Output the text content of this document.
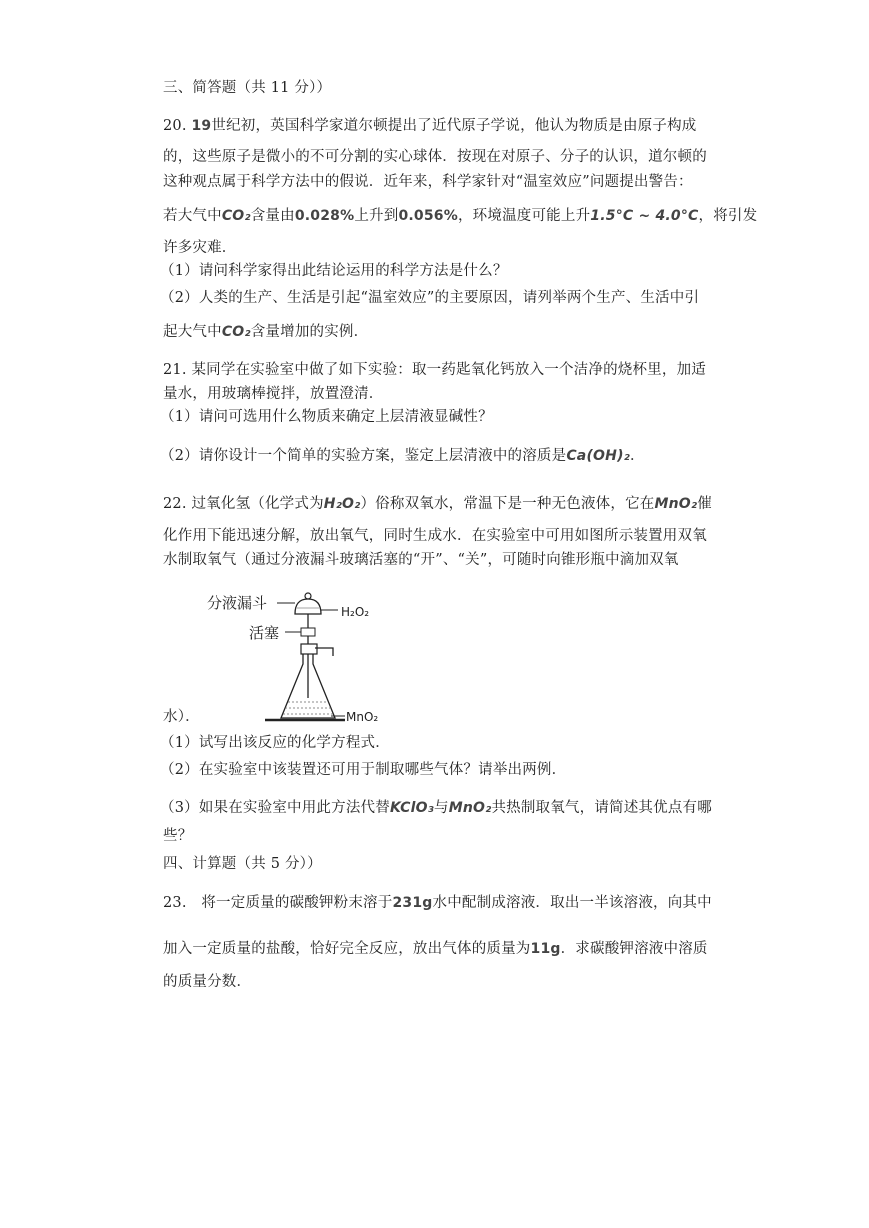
三、简答题（共 11 分））
20. 19世纪初，英国科学家道尔顿提出了近代原子学说，他认为物质是由原子构成
的，这些原子是微小的不可分割的实心球体．按现在对原子、分子的认识，道尔顿的
这种观点属于科学方法中的假说．近年来，科学家针对“温室效应”问题提出警告：
若大气中CO₂含量由0.028%上升到0.056%，环境温度可能上升1.5°C ~ 4.0°C，将引发
许多灾难．
（1）请问科学家得出此结论运用的科学方法是什么？
（2）人类的生产、生活是引起“温室效应”的主要原因，请列举两个生产、生活中引
起大气中CO₂含量增加的实例．
21. 某同学在实验室中做了如下实验：取一药匙氧化钙放入一个洁净的烧杯里，加适
量水，用玻璃棒搅拌，放置澄清．
（1）请问可选用什么物质来确定上层清液显碱性？
（2）请你设计一个简单的实验方案，鉴定上层清液中的溶质是Ca(OH)₂．
22. 过氧化氢（化学式为H₂O₂）俗称双氧水，常温下是一种无色液体，它在MnO₂催
化作用下能迅速分解，放出氧气，同时生成水．在实验室中可用如图所示装置用双氧
水制取氧气（通过分液漏斗玻璃活塞的“开”、“关”，可随时向锥形瓶中滴加双氧
分液漏斗
活塞
H₂O₂
MnO₂
水）．
（1）试写出该反应的化学方程式．
（2）在实验室中该装置还可用于制取哪些气体？请举出两例．
（3）如果在实验室中用此方法代替KClO₃与MnO₂共热制取氧气，请简述其优点有哪
些？
四、计算题（共 5 分））
23.　将一定质量的碳酸钾粉末溶于231g水中配制成溶液．取出一半该溶液，向其中
加入一定质量的盐酸，恰好完全反应，放出气体的质量为11g．求碳酸钾溶液中溶质
的质量分数．
